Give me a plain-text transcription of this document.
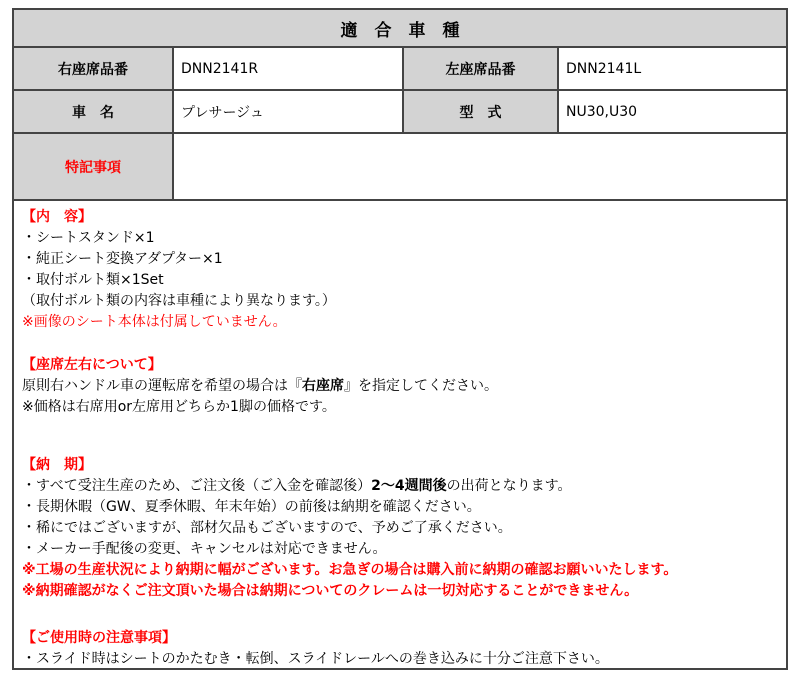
適　合　車　種
右座席品番	DNN2141R	左座席品番	DNN2141L
車　名	プレサージュ	型　式	NU30,U30
特記事項
【内　容】
・シートスタンド×1
・純正シート変換アダプター×1
・取付ボルト類×1Set
（取付ボルト類の内容は車種により異なります。）
※画像のシート本体は付属していません。
【座席左右について】
原則右ハンドル車の運転席を希望の場合は『右座席』を指定してください。
※価格は右席用or左席用どちらか1脚の価格です。
【納　期】
・すべて受注生産のため、ご注文後（ご入金を確認後）2～4週間後の出荷となります。
・長期休暇（GW、夏季休暇、年末年始）の前後は納期を確認ください。
・稀にではございますが、部材欠品もございますので、予めご了承ください。
・メーカー手配後の変更、キャンセルは対応できません。
※工場の生産状況により納期に幅がございます。お急ぎの場合は購入前に納期の確認お願いいたします。
※納期確認がなくご注文頂いた場合は納期についてのクレームは一切対応することができません。
【ご使用時の注意事項】
・スライド時はシートのかたむき・転倒、スライドレールへの巻き込みに十分ご注意下さい。
